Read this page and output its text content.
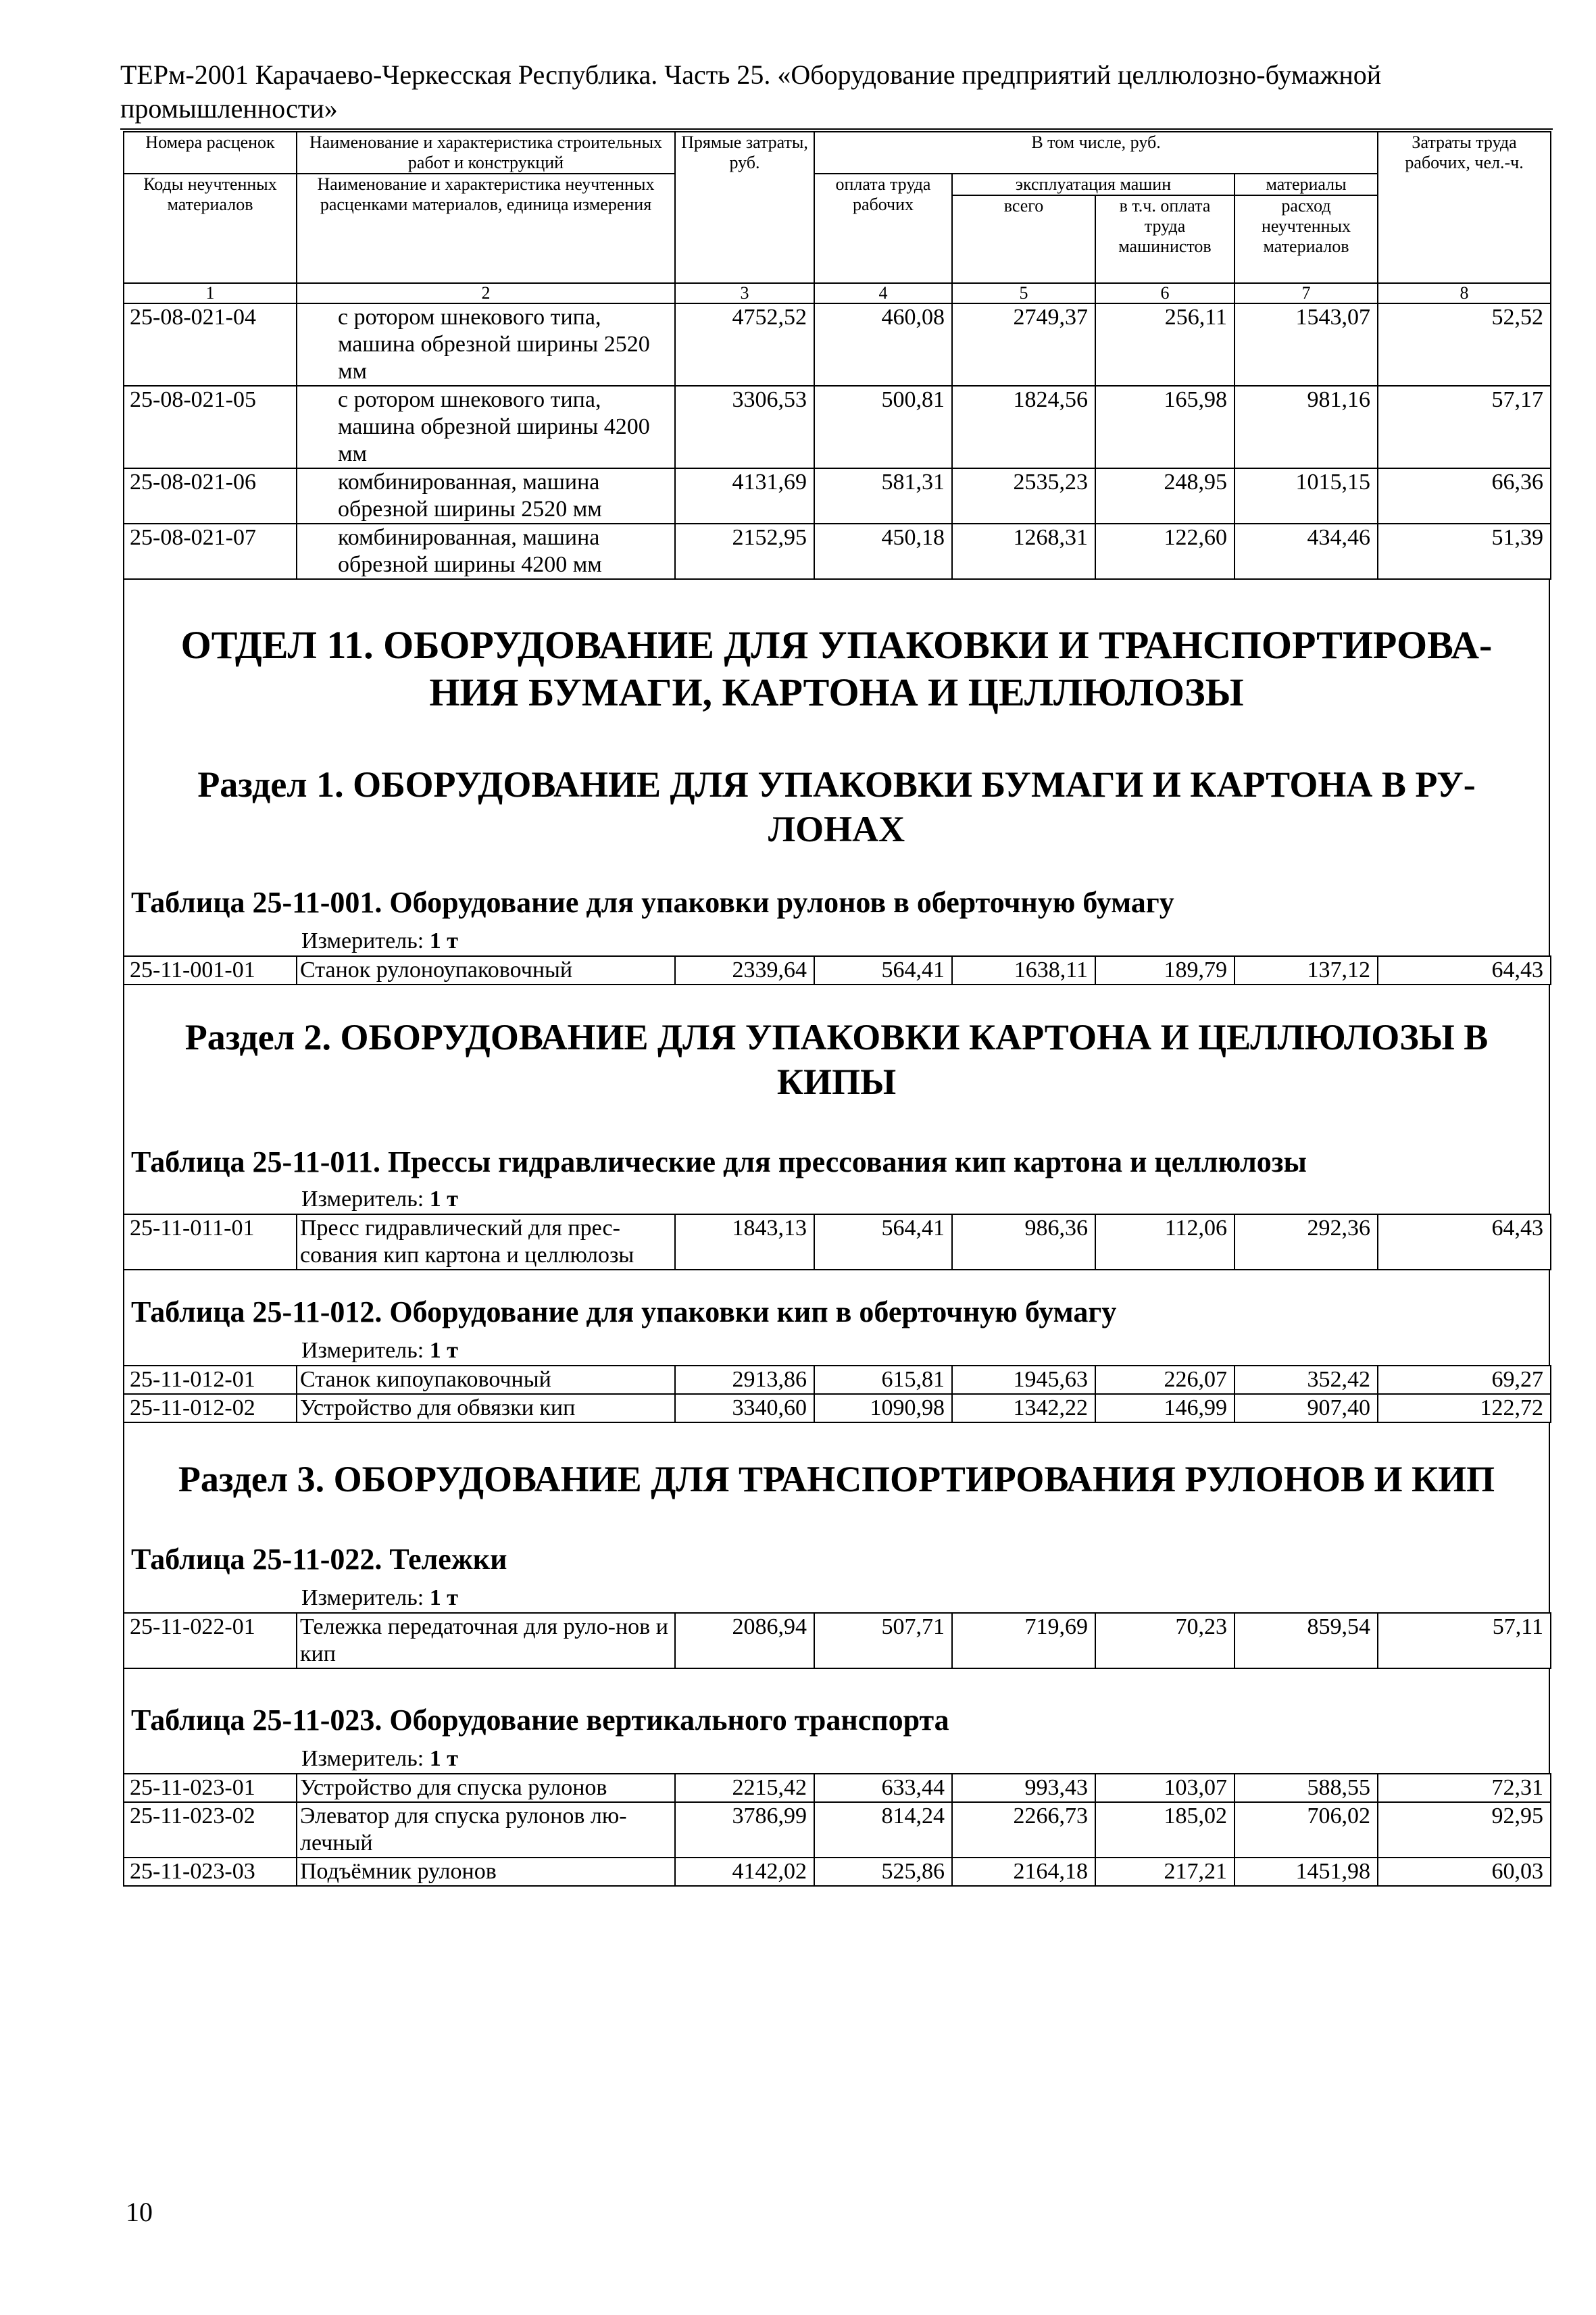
ТЕРм-2001 Карачаево-Черкесская Республика. Часть 25. «Оборудование предприятий целлюлозно-бумажной промышленности»
Номера расценок	Наименование и характеристика строительных работ и конструкций	Прямые затраты, руб.	В том числе, руб.				Затраты труда рабочих, чел.-ч.
Коды неучтенных материалов	Наименование и характеристика неучтенных расценками материалов, единица измерения		оплата труда рабочих	эксплуатация машин		материалы	
				всего	в т.ч. оплата труда машинистов	расход неучтенных материалов	
1	2	3	4	5	6	7	8
25-08-021-04	с ротором шнекового типа, машина обрезной ширины 2520 мм	4752,52	460,08	2749,37	256,11	1543,07	52,52
25-08-021-05	с ротором шнекового типа, машина обрезной ширины 4200 мм	3306,53	500,81	1824,56	165,98	981,16	57,17
25-08-021-06	комбинированная, машина обрезной ширины 2520 мм	4131,69	581,31	2535,23	248,95	1015,15	66,36
25-08-021-07	комбинированная, машина обрезной ширины 4200 мм	2152,95	450,18	1268,31	122,60	434,46	51,39
ОТДЕЛ 11. ОБОРУДОВАНИЕ ДЛЯ УПАКОВКИ И ТРАНСПОРТИРОВА-НИЯ БУМАГИ, КАРТОНА И ЦЕЛЛЮЛОЗЫ
Раздел 1. ОБОРУДОВАНИЕ ДЛЯ УПАКОВКИ БУМАГИ И КАРТОНА В РУ-ЛОНАХ
Таблица 25-11-001. Оборудование для упаковки рулонов в оберточную бумагу
Измеритель: 1 т
25-11-001-01	Станок рулоноупаковочный	2339,64	564,41	1638,11	189,79	137,12	64,43
Раздел 2. ОБОРУДОВАНИЕ ДЛЯ УПАКОВКИ КАРТОНА И ЦЕЛЛЮЛОЗЫ В КИПЫ
Таблица 25-11-011. Прессы гидравлические для прессования кип картона и целлюлозы
Измеритель: 1 т
25-11-011-01	Пресс гидравлический для прес-сования кип картона и целлюлозы	1843,13	564,41	986,36	112,06	292,36	64,43
Таблица 25-11-012. Оборудование для упаковки кип в оберточную бумагу
Измеритель: 1 т
25-11-012-01	Станок кипоупаковочный	2913,86	615,81	1945,63	226,07	352,42	69,27
25-11-012-02	Устройство для обвязки кип	3340,60	1090,98	1342,22	146,99	907,40	122,72
Раздел 3. ОБОРУДОВАНИЕ ДЛЯ ТРАНСПОРТИРОВАНИЯ РУЛОНОВ И КИП
Таблица 25-11-022. Тележки
Измеритель: 1 т
25-11-022-01	Тележка передаточная для руло-нов и кип	2086,94	507,71	719,69	70,23	859,54	57,11
Таблица 25-11-023. Оборудование вертикального транспорта
Измеритель: 1 т
25-11-023-01	Устройство для спуска рулонов	2215,42	633,44	993,43	103,07	588,55	72,31
25-11-023-02	Элеватор для спуска рулонов лю-лечный	3786,99	814,24	2266,73	185,02	706,02	92,95
25-11-023-03	Подъёмник рулонов	4142,02	525,86	2164,18	217,21	1451,98	60,03
10
